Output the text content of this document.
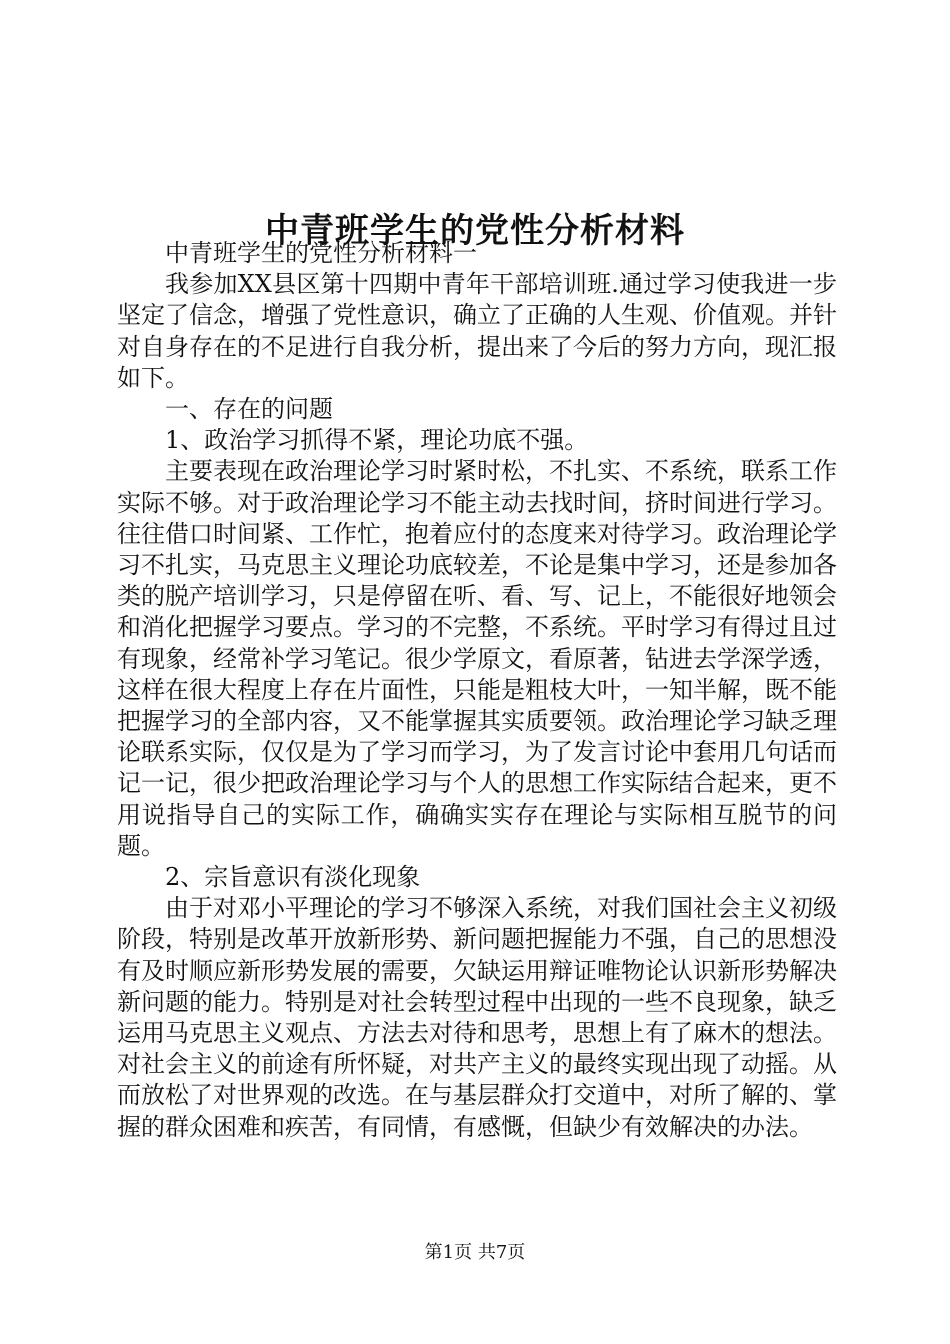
中青班学生的党性分析材料

中青班学生的党性分析材料一

我参加XX县区第十四期中青年干部培训班.通过学习使我进一步坚定了信念，增强了党性意识，确立了正确的人生观、价值观。并针对自身存在的不足进行自我分析，提出来了今后的努力方向，现汇报如下。

一、存在的问题

1、政治学习抓得不紧，理论功底不强。

主要表现在政治理论学习时紧时松，不扎实、不系统，联系工作实际不够。对于政治理论学习不能主动去找时间，挤时间进行学习。往往借口时间紧、工作忙，抱着应付的态度来对待学习。政治理论学习不扎实，马克思主义理论功底较差，不论是集中学习，还是参加各类的脱产培训学习，只是停留在听、看、写、记上，不能很好地领会和消化把握学习要点。学习的不完整，不系统。平时学习有得过且过有现象，经常补学习笔记。很少学原文，看原著，钻进去学深学透，这样在很大程度上存在片面性，只能是粗枝大叶，一知半解，既不能把握学习的全部内容，又不能掌握其实质要领。政治理论学习缺乏理论联系实际，仅仅是为了学习而学习，为了发言讨论中套用几句话而记一记，很少把政治理论学习与个人的思想工作实际结合起来，更不用说指导自己的实际工作，确确实实存在理论与实际相互脱节的问题。

2、宗旨意识有淡化现象

由于对邓小平理论的学习不够深入系统，对我们国社会主义初级阶段，特别是改革开放新形势、新问题把握能力不强，自己的思想没有及时顺应新形势发展的需要，欠缺运用辩证唯物论认识新形势解决新问题的能力。特别是对社会转型过程中出现的一些不良现象，缺乏运用马克思主义观点、方法去对待和思考，思想上有了麻木的想法。对社会主义的前途有所怀疑，对共产主义的最终实现出现了动摇。从而放松了对世界观的改选。在与基层群众打交道中，对所了解的、掌握的群众困难和疾苦，有同情，有感慨，但缺少有效解决的办法。

第1页 共7页
